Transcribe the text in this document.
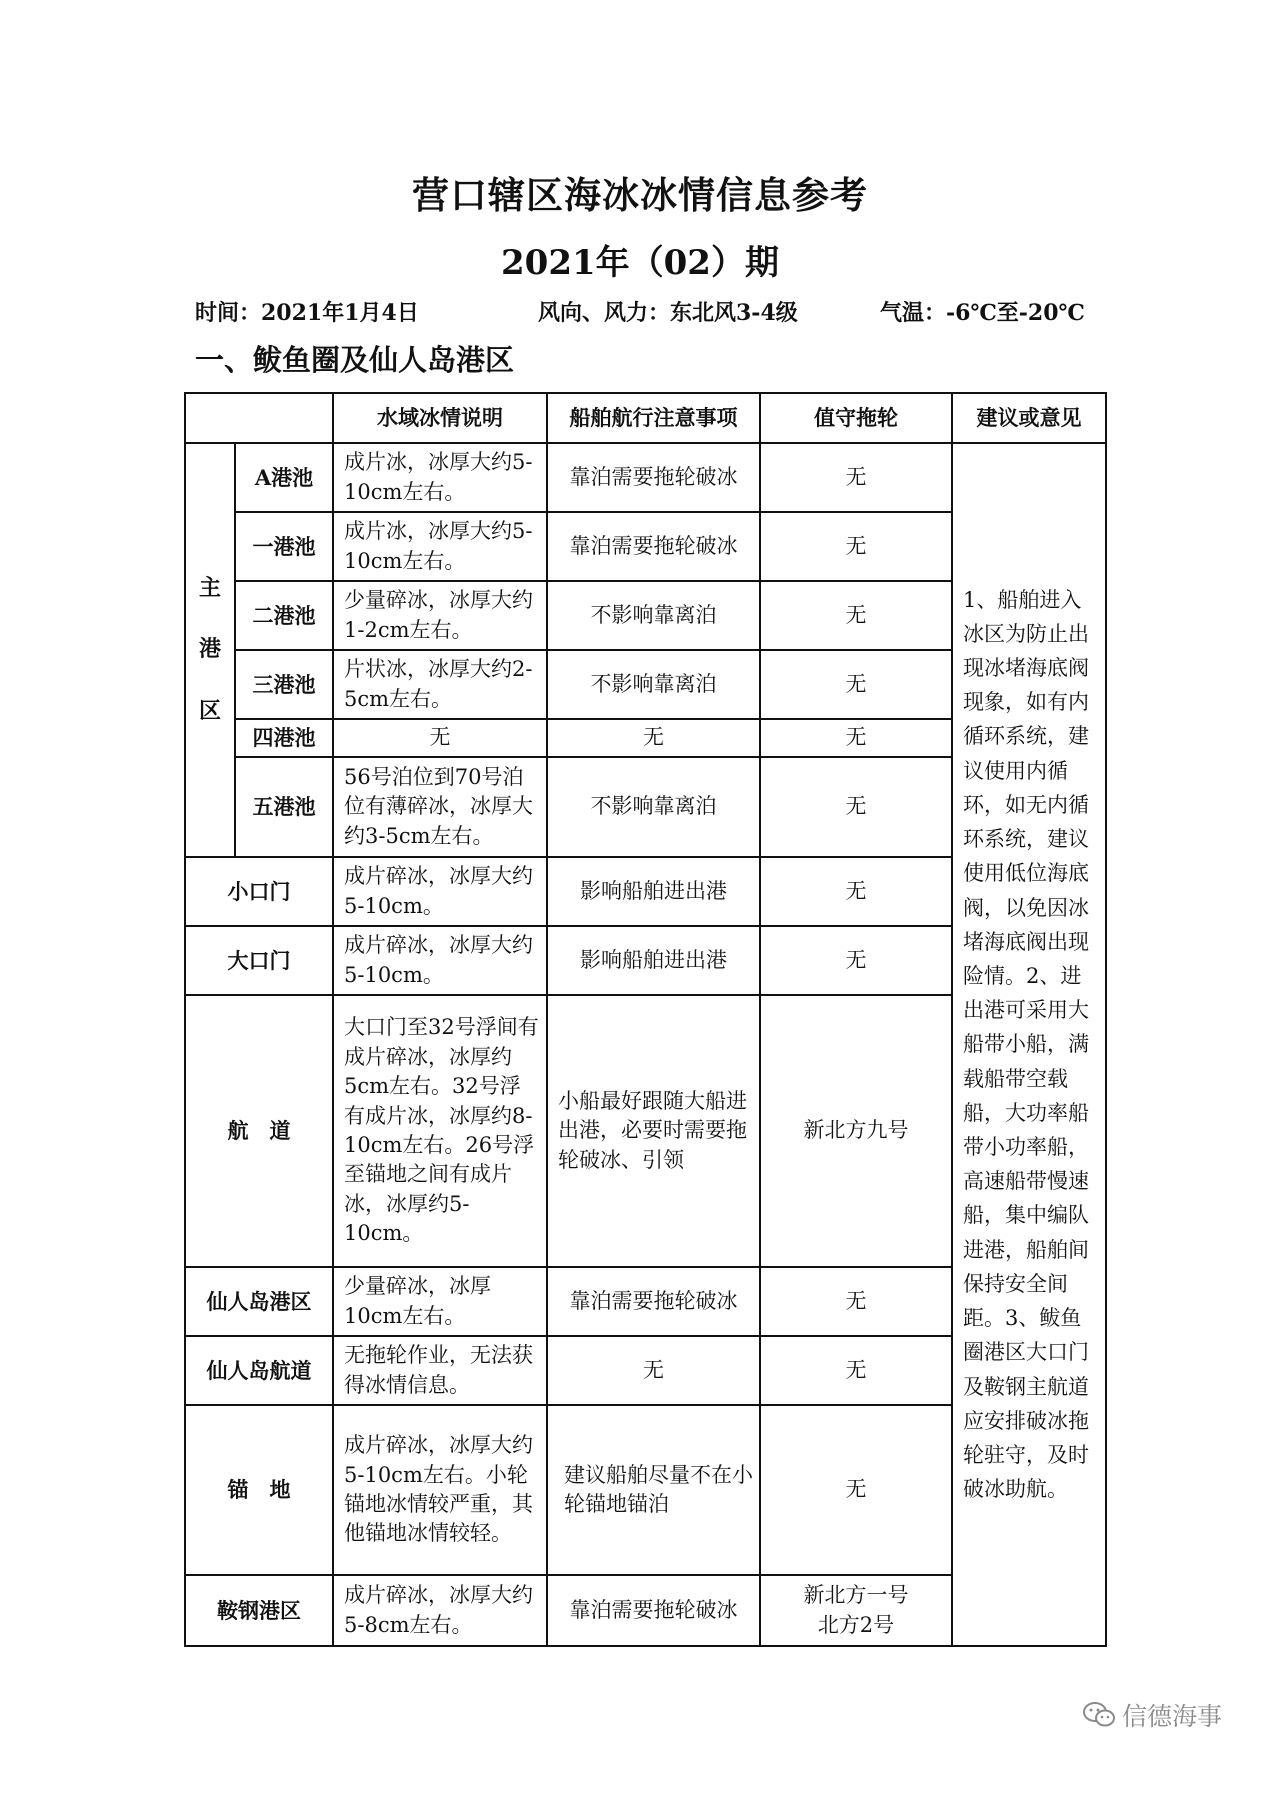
营口辖区海冰冰情信息参考
2021年（02）期
时间：2021年1月4日	风向、风力：东北风3-4级	气温：-6℃至-20℃
一、鲅鱼圈及仙人岛港区
		水域冰情说明	船舶航行注意事项	值守拖轮	建议或意见

主
港
区	A港池	成片冰，冰厚大约5-10cm左右。	靠泊需要拖轮破冰	无	1、船舶进入冰区为防止出现冰堵海底阀现象，如有内循环系统，建议使用内循环，如无内循环系统，建议使用低位海底阀，以免因冰堵海底阀出现险情。2、进出港可采用大船带小船，满载船带空载船，大功率船带小功率船，高速船带慢速船，集中编队进港，船舶间保持安全间距。3、鲅鱼圈港区大口门及鞍钢主航道应安排破冰拖轮驻守，及时破冰助航。
	一港池	成片冰，冰厚大约5-10cm左右。	靠泊需要拖轮破冰	无	
	二港池	少量碎冰，冰厚大约1-2cm左右。	不影响靠离泊	无	
	三港池	片状冰，冰厚大约2-5cm左右。	不影响靠离泊	无	
	四港池	无	无	无	
	五港池	56号泊位到70号泊位有薄碎冰，冰厚大约3-5cm左右。	不影响靠离泊	无	
小口门		成片碎冰，冰厚大约5-10cm。	影响船舶进出港	无	
大口门		成片碎冰，冰厚大约5-10cm。	影响船舶进出港	无	
航　道		大口门至32号浮间有成片碎冰，冰厚约5cm左右。32号浮有成片冰，冰厚约8-10cm左右。26号浮至锚地之间有成片冰，冰厚约5-10cm。	小船最好跟随大船进出港，必要时需要拖轮破冰、引领	新北方九号	
仙人岛港区		少量碎冰，冰厚10cm左右。	靠泊需要拖轮破冰	无	
仙人岛航道		无拖轮作业，无法获得冰情信息。	无	无	
锚　地		成片碎冰，冰厚大约5-10cm左右。小轮锚地冰情较严重，其他锚地冰情较轻。	建议船舶尽量不在小轮锚地锚泊	无	
鞍钢港区		成片碎冰，冰厚大约5-8cm左右。	靠泊需要拖轮破冰	新北方一号
北方2号	
信德海事
